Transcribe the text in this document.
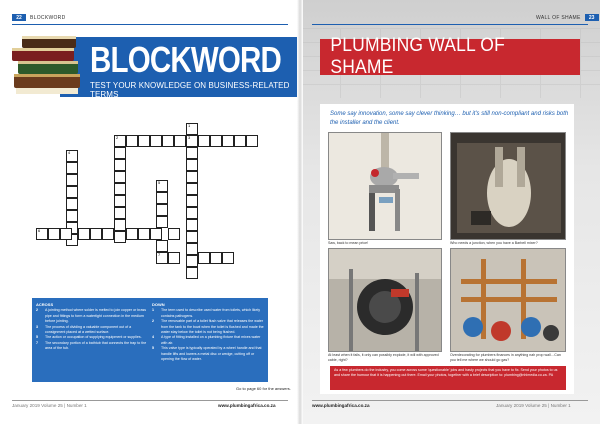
22	BLOCKWORD
BLOCKWORD
TEST YOUR KNOWLEDGE ON BUSINESS-RELATED TERMS
1
3
2
4
5
6
7
ACROSS
2	A jointing method where solder is melted to join copper or brass pipe and fittings to form a watertight connection in the medium before jointing.
3	The process of dividing a valuable component out of a consignment placed at a wetted surface.
5	The action or occupation of supplying equipment or supplies.
7	The secondary portion of a bathtub that connects the trap to the area of the tub.
DOWN
1	The term used to describe used water from toilets, which likely contains pathogens.
2	The removable part of a toilet flush valve that releases the water from the tank to the bowl when the toilet is flushed and made the water stay below the toilet is not being flushed.
4	A type of fitting installed on a plumbing fixture that mixes water with air.
5	This valve type is typically operated by a wheel handle and that handle lifts and lowers a metal disc or wedge, cutting off or opening the flow of water.
Go to page 60 for the answers.
January 2019 Volume 25 | Number 1	www.plumbingafrica.co.za
WALL OF SHAME	23
PLUMBING WALL OF SHAME
Some say innovation, some say clever thinking… but it's still non-compliant and risks both the installer and the client.
Saw, back to mean price!	Who needs a junction, when you have a Barbell mixer?
At least when it fails, it only can possibly explode, it will with approved cable, right?
Overdecorating for plumbers finances in anything nah prop wall…Can you tell me where we should go gas?
As a few plumbers do the industry, you come across some 'questionable' jobs and hasty projects that you have to fix. Send your photos to us and share the humour that it is happening out there. Email your photos, together with a brief description to: plumbing@nhlmedia.co.za. PA
www.plumbingafrica.co.za	January 2019 Volume 25 | Number 1
